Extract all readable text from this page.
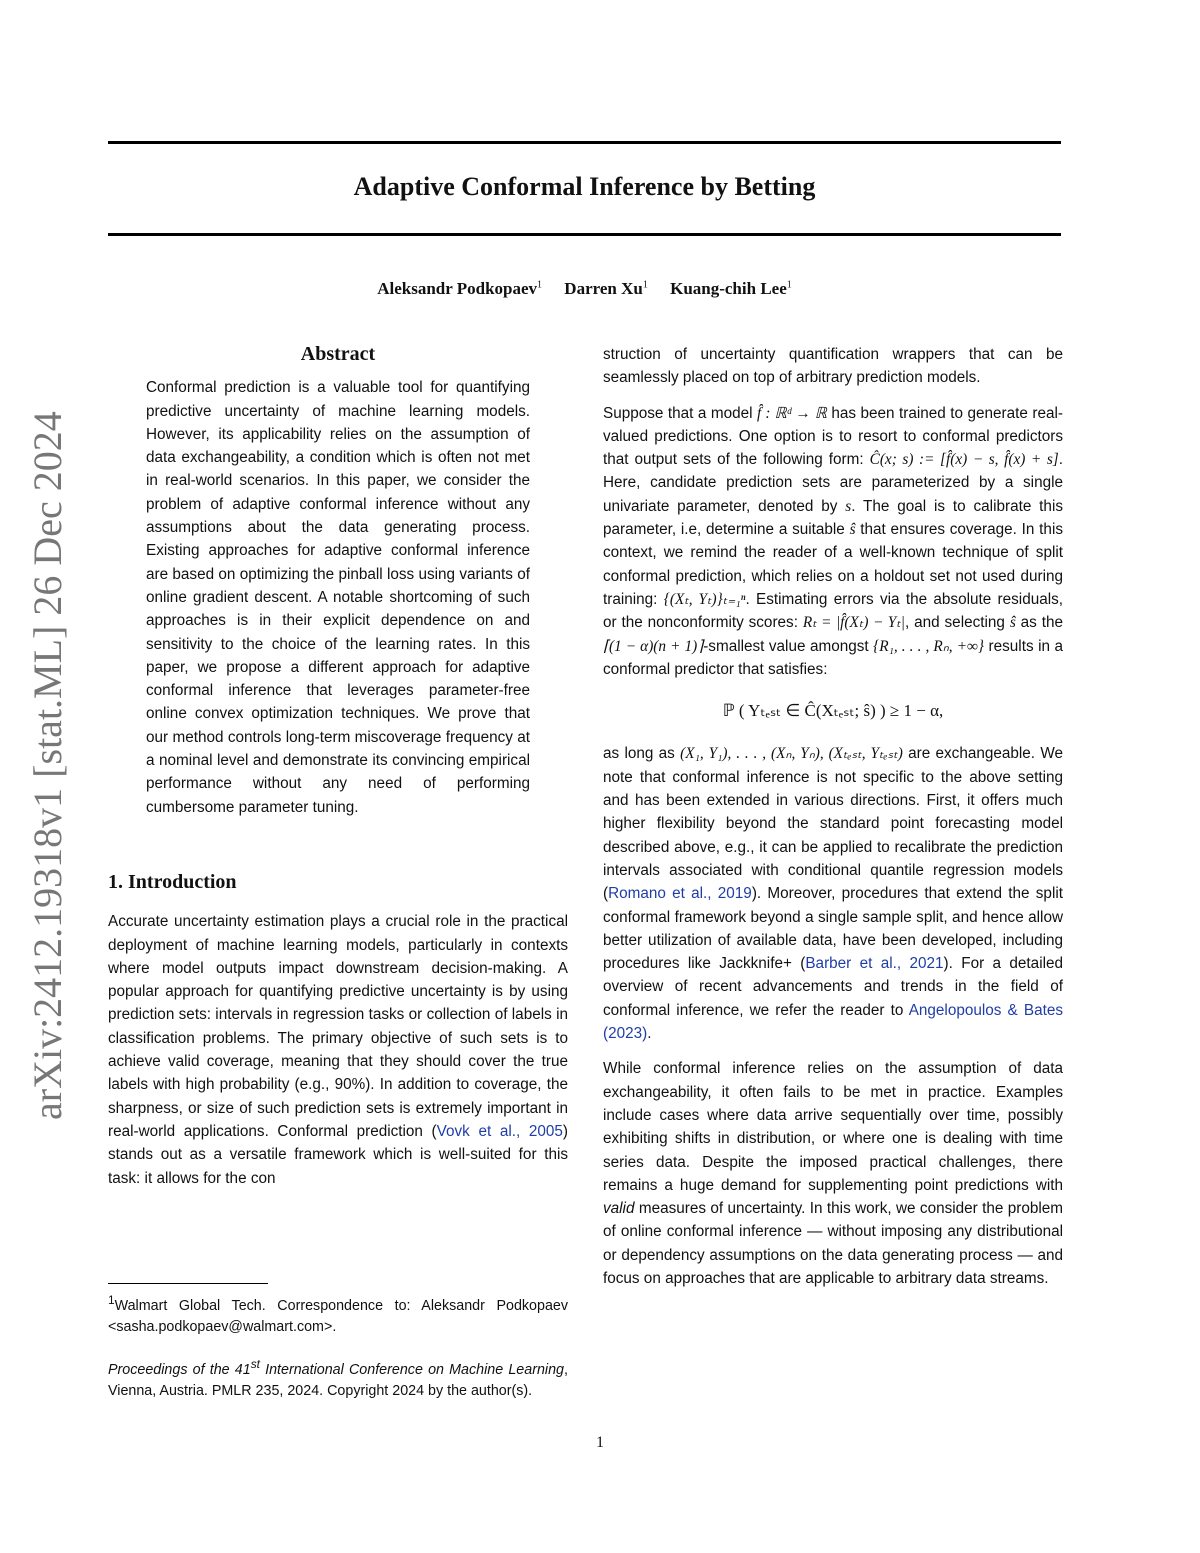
Adaptive Conformal Inference by Betting
Aleksandr Podkopaev$^1$ Darren Xu$^1$ Kuang-chih Lee$^1$
arXiv:2412.19318v1 [stat.ML] 26 Dec 2024
Abstract

Conformal prediction is a valuable tool for quantifying predictive uncertainty of machine learning models. However, its applicability relies on the assumption of data exchangeability, a condition which is often not met in real-world scenarios. In this paper, we consider the problem of adaptive conformal inference without any assumptions about the data generating process. Existing approaches for adaptive conformal inference are based on optimizing the pinball loss using variants of online gradient descent. A notable shortcoming of such approaches is in their explicit dependence on and sensitivity to the choice of the learning rates. In this paper, we propose a different approach for adaptive conformal inference that leverages parameter-free online convex optimization techniques. We prove that our method controls long-term miscoverage frequency at a nominal level and demonstrate its convincing empirical performance without any need of performing cumbersome parameter tuning.

1. Introduction

Accurate uncertainty estimation plays a crucial role in the practical deployment of machine learning models, particularly in contexts where model outputs impact downstream decision-making. A popular approach for quantifying predictive uncertainty is by using prediction sets: intervals in regression tasks or collection of labels in classification problems. The primary objective of such sets is to achieve valid coverage, meaning that they should cover the true labels with high probability (e.g., 90%). In addition to coverage, the sharpness, or size of such prediction sets is extremely important in real-world applications. Conformal prediction (Vovk et al., 2005) stands out as a versatile framework which is well-suited for this task: it allows for the con

struction of uncertainty quantification wrappers that can be seamlessly placed on top of arbitrary prediction models.

Suppose that a model f̂ : ℝᵈ → ℝ has been trained to generate real-valued predictions. One option is to resort to conformal predictors that output sets of the following form: Ĉ(x; s) := [f̂(x) − s, f̂(x) + s]. Here, candidate prediction sets are parameterized by a single univariate parameter, denoted by s. The goal is to calibrate this parameter, i.e, determine a suitable ŝ that ensures coverage. In this context, we remind the reader of a well-known technique of split conformal prediction, which relies on a holdout set not used during training: {(Xₜ, Yₜ)}ₜ₌₁ⁿ. Estimating errors via the absolute residuals, or the nonconformity scores: Rₜ = |f̂(Xₜ) − Yₜ|, and selecting ŝ as the ⌈(1 − α)(n + 1)⌉-smallest value amongst {R₁, . . . , Rₙ, +∞} results in a conformal predictor that satisfies:

ℙ ( Yₜₑₛₜ ∈ Ĉ(Xₜₑₛₜ; ŝ) ) ≥ 1 − α,

as long as (X₁, Y₁), . . . , (Xₙ, Yₙ), (Xₜₑₛₜ, Yₜₑₛₜ) are exchangeable. We note that conformal inference is not specific to the above setting and has been extended in various directions. First, it offers much higher flexibility beyond the standard point forecasting model described above, e.g., it can be applied to recalibrate the prediction intervals associated with conditional quantile regression models (Romano et al., 2019). Moreover, procedures that extend the split conformal framework beyond a single sample split, and hence allow better utilization of available data, have been developed, including procedures like Jackknife+ (Barber et al., 2021). For a detailed overview of recent advancements and trends in the field of conformal inference, we refer the reader to Angelopoulos & Bates (2023).

While conformal inference relies on the assumption of data exchangeability, it often fails to be met in practice. Examples include cases where data arrive sequentially over time, possibly exhibiting shifts in distribution, or where one is dealing with time series data. Despite the imposed practical challenges, there remains a huge demand for supplementing point predictions with valid measures of uncertainty. In this work, we consider the problem of online conformal inference — without imposing any distributional or dependency assumptions on the data generating process — and focus on approaches that are applicable to arbitrary data streams.

$^1$Walmart Global Tech. Correspondence to: Aleksandr Podkopaev <sasha.podkopaev@walmart.com>.

Proceedings of the 41st International Conference on Machine Learning, Vienna, Austria. PMLR 235, 2024. Copyright 2024 by the author(s).

1
